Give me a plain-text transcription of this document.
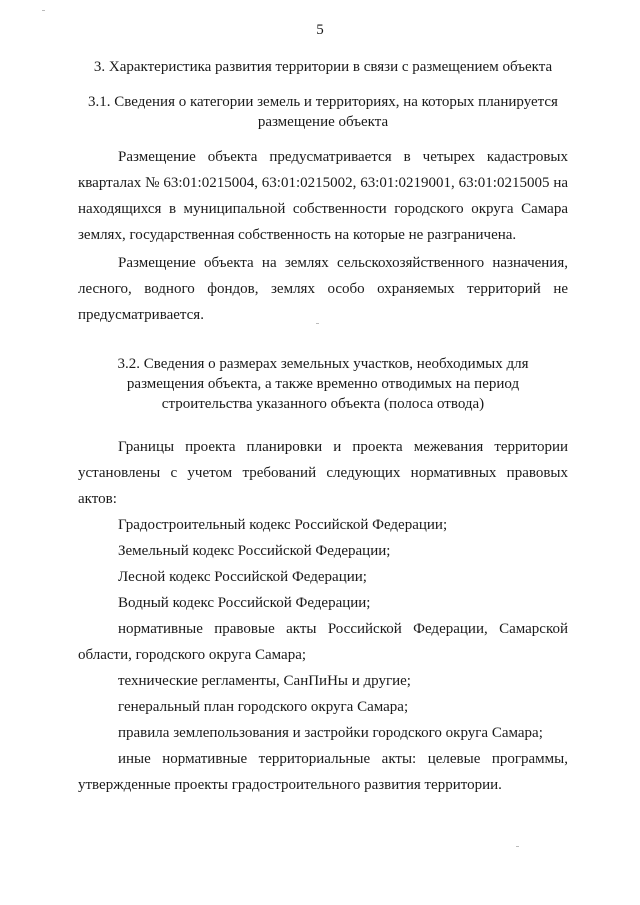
5
3. Характеристика развития территории в связи с размещением объекта
3.1. Сведения о категории земель и территориях, на которых планируется размещение объекта

Размещение объекта предусматривается в четырех кадастровых кварталах № 63:01:0215004, 63:01:0215002, 63:01:0219001, 63:01:0215005 на находящихся в муниципальной собственности городского округа Самара землях, государственная собственность на которые не разграничена.

Размещение объекта на землях сельскохозяйственного назначения, лесного, водного фондов, землях особо охраняемых территорий не предусматривается.

3.2. Сведения о размерах земельных участков, необходимых для размещения объекта, а также временно отводимых на период строительства указанного объекта (полоса отвода)

Границы проекта планировки и проекта межевания территории установлены с учетом требований следующих нормативных правовых актов:

Градостроительный кодекс Российской Федерации;

Земельный кодекс Российской Федерации;

Лесной кодекс Российской Федерации;

Водный кодекс Российской Федерации;

нормативные правовые акты Российской Федерации, Самарской области, городского округа Самара;

технические регламенты, СанПиНы и другие;

генеральный план городского округа Самара;

правила землепользования и застройки городского округа Самара;

иные нормативные территориальные акты: целевые программы, утвержденные проекты градостроительного развития территории.
